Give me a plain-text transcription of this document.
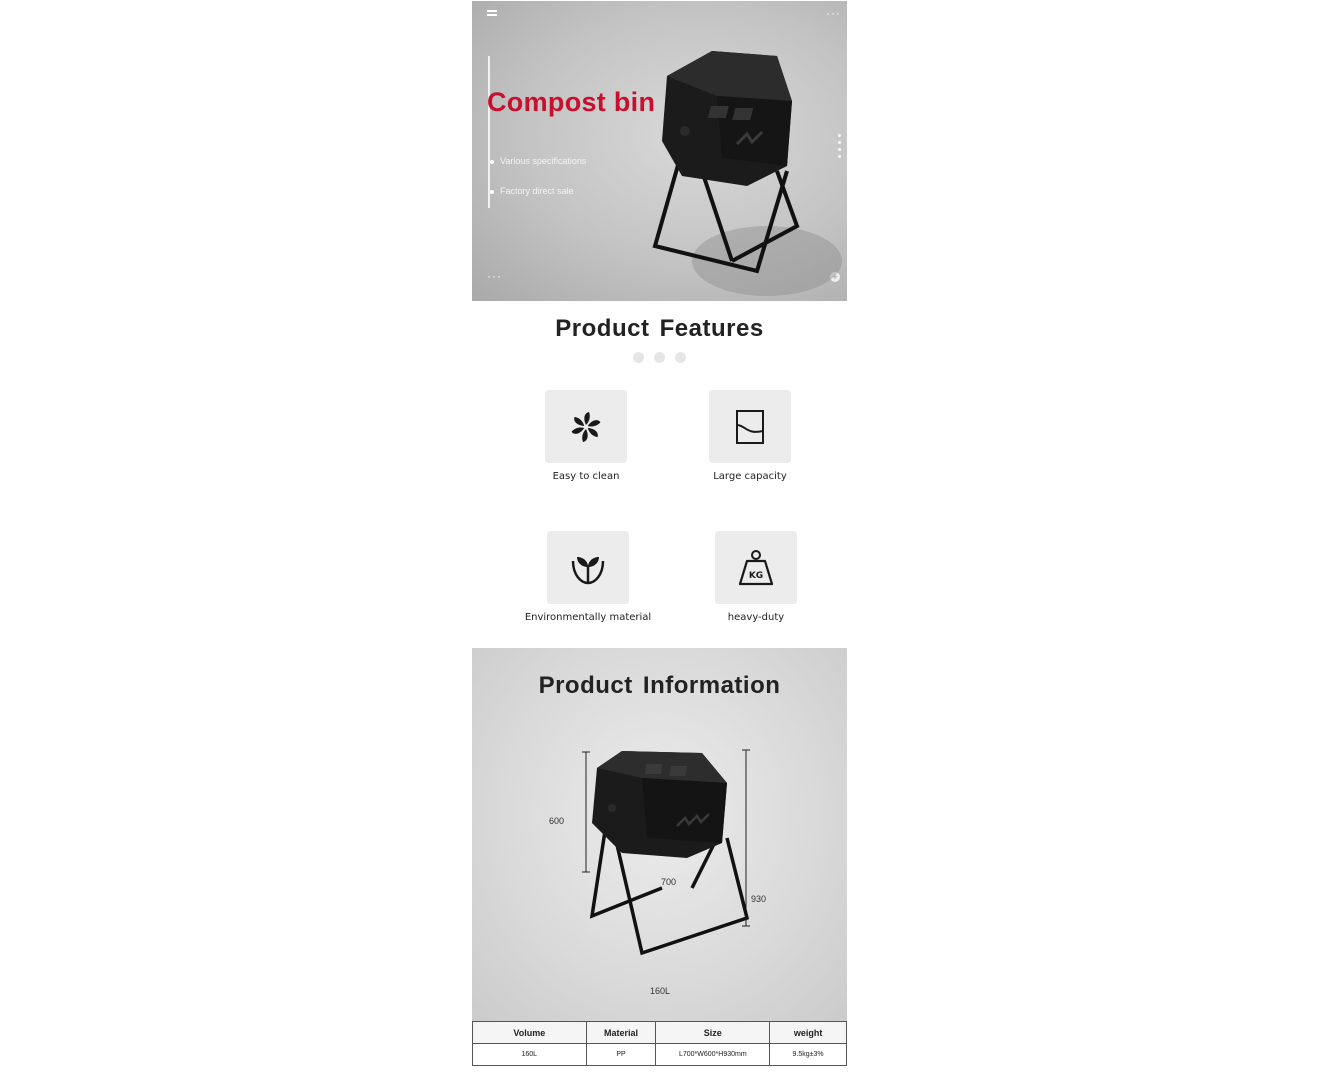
···
Compost bin
Various specifications
Factory direct sale
···	+
Product Features
Easy to clean	Large capacity
Environmentally material
KG
heavy-duty
Product Information
600
700
930
160L
Volume	Material	Size	weight
160L	PP	L700*W600*H930mm	9.5kg±3%
